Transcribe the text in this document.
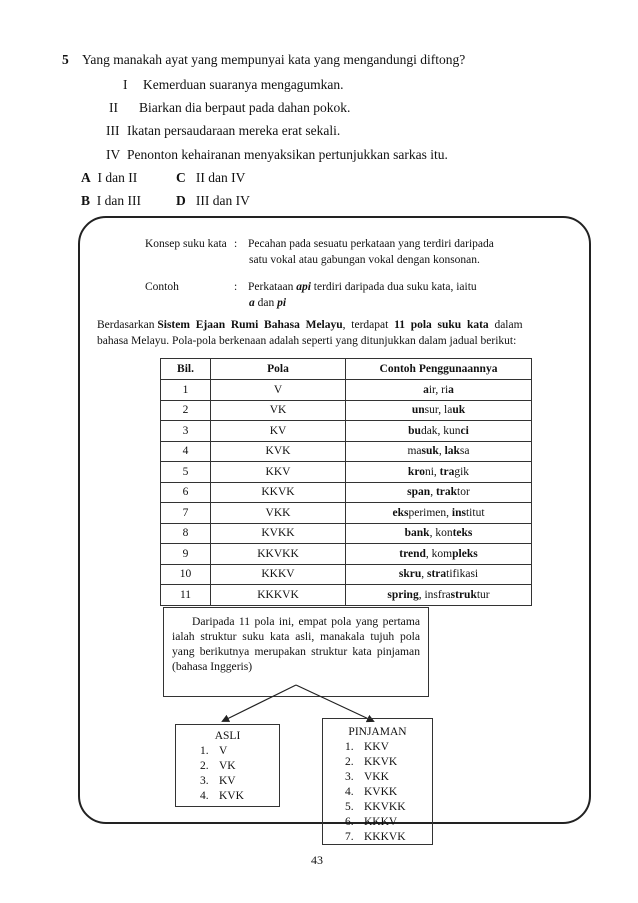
5 Yang manakah ayat yang mempunyai kata yang mengandungi diftong?
I Kemerduan suaranya mengagumkan.
II Biarkan dia berpaut pada dahan pokok.
III Ikatan persaudaraan mereka erat sekali.
IV Penonton kehairanan menyaksikan pertunjukkan sarkas itu.
A I dan II	C II dan IV
B I dan III	D III dan IV
Konsep suku kata : Pecahan pada sesuatu perkataan yang terdiri daripada
satu vokal atau gabungan vokal dengan konsonan.
Contoh	: Perkataan api terdiri daripada dua suku kata, iaitu
a dan pi
Berdasarkan Sistem  Ejaan  Rumi  Bahasa  Melayu,  terdapat  11  pola  suku  kata  dalam
bahasa Melayu. Pola-pola berkenaan adalah seperti yang ditunjukkan dalam jadual berikut:
Bil.	Pola	Contoh Penggunaannya
1	V	air, ria
2	VK	unsur, lauk
3	KV	budak, kunci
4	KVK	masuk, laksa
5	KKV	kroni, tragik
6	KKVK	span, traktor
7	VKK	eksperimen, institut
8	KVKK	bank, konteks
9	KKVKK	trend, kompleks
10	KKKV	skru, stratifikasi
11	KKKVK	spring, insfrastruktur
Daripada 11 pola ini, empat pola yang pertama ialah struktur suku kata asli, manakala tujuh pola yang berikutnya merupakan struktur kata pinjaman (bahasa Inggeris)
ASLI
1. V
2. VK
3. KV
4. KVK
PINJAMAN
1. KKV
2. KKVK
3. VKK
4. KVKK
5. KKVKK
6. KKKV
7. KKKVK
43
